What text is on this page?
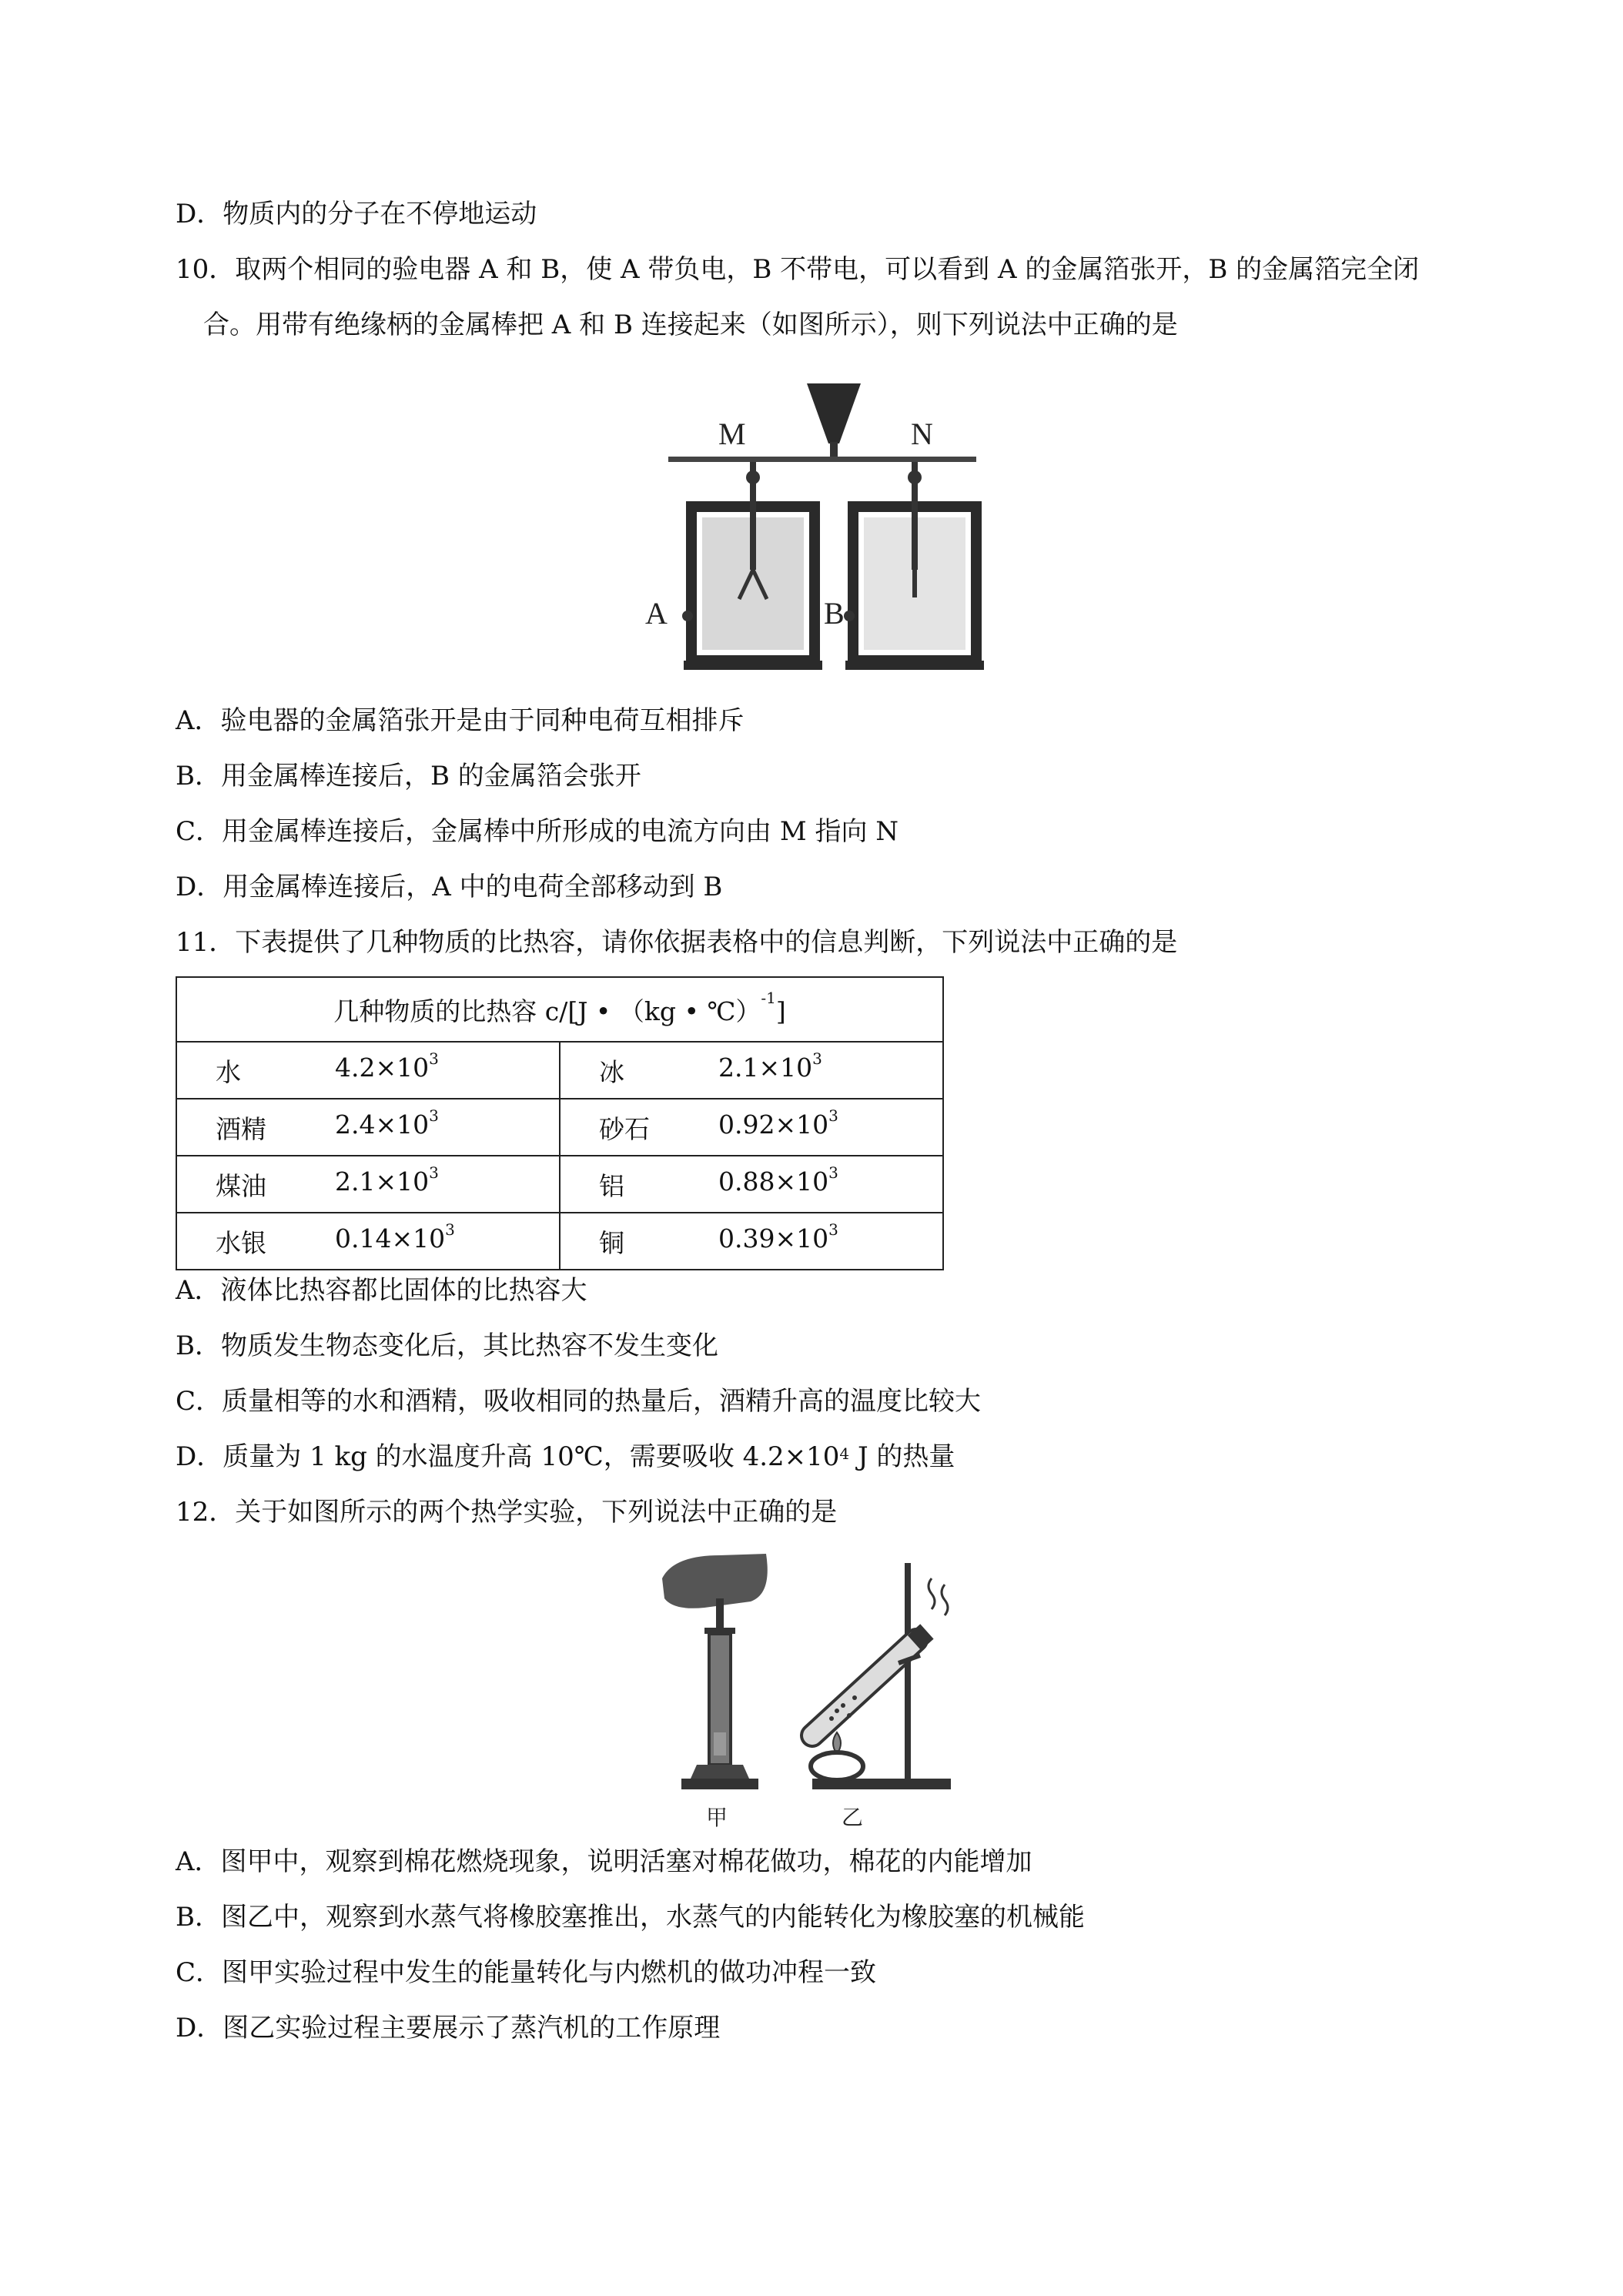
D．物质内的分子在不停地运动
10．取两个相同的验电器 A 和 B，使 A 带负电，B 不带电，可以看到 A 的金属箔张开，B 的金属箔完全闭
合。用带有绝缘柄的金属棒把 A 和 B 连接起来（如图所示），则下列说法中正确的是
M	N
A	B
A．验电器的金属箔张开是由于同种电荷互相排斥
B．用金属棒连接后，B 的金属箔会张开
C．用金属棒连接后，金属棒中所形成的电流方向由 M 指向 N
D．用金属棒连接后，A 中的电荷全部移动到 B
11．下表提供了几种物质的比热容，请你依据表格中的信息判断，下列说法中正确的是
几种物质的比热容 c/[J • （kg • ℃）$^{-1}$]	

水 $4.2\times 10^3$	冰 $2.1\times 10^3$

酒精 $2.4\times 10^3$	砂石 $0.92\times 10^3$

煤油 $2.1\times 10^3$	铝 $0.88\times 10^3$

水银 $0.14\times 10^3$	铜 $0.39\times 10^3$
A．液体比热容都比固体的比热容大
B．物质发生物态变化后，其比热容不发生变化
C．质量相等的水和酒精，吸收相同的热量后，酒精升高的温度比较大
D．质量为 1 kg 的水温度升高 10℃，需要吸收 $4.2\times 10^4$ J 的热量
12．关于如图所示的两个热学实验，下列说法中正确的是
甲	乙
A．图甲中，观察到棉花燃烧现象，说明活塞对棉花做功，棉花的内能增加
B．图乙中，观察到水蒸气将橡胶塞推出，水蒸气的内能转化为橡胶塞的机械能
C．图甲实验过程中发生的能量转化与内燃机的做功冲程一致
D．图乙实验过程主要展示了蒸汽机的工作原理
